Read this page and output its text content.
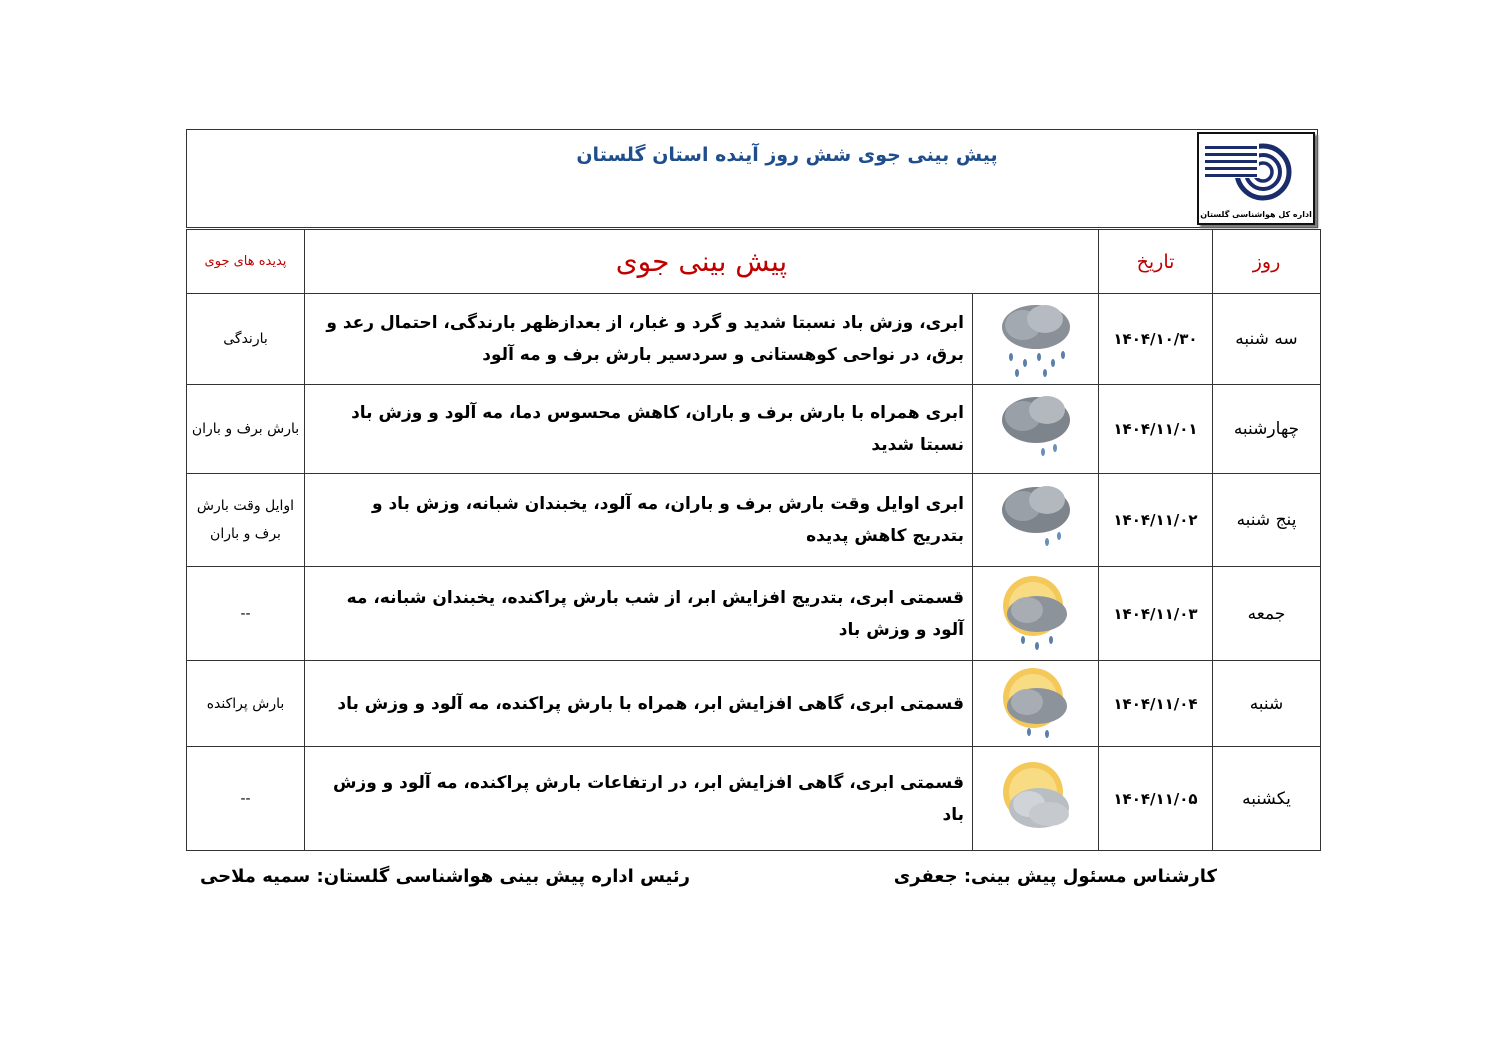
پیش بینی جوی شش روز آینده استان گلستان
اداره کل هواشناسی گلستان
روز	تاریخ	پیش بینی جوی		پدیده های جوی
سه شنبه	۱۴۰۴/۱۰/۳۰		ابری، وزش باد نسبتا شدید و گرد و غبار، از بعدازظهر بارندگی، احتمال رعد و برق، در نواحی کوهستانی و سردسیر بارش برف و مه آلود	بارندگی
چهارشنبه	۱۴۰۴/۱۱/۰۱		ابری همراه با بارش برف و باران، کاهش محسوس دما، مه آلود و وزش باد نسبتا شدید	بارش برف و باران
پنج شنبه	۱۴۰۴/۱۱/۰۲		ابری اوایل وقت بارش برف و باران، مه آلود، یخبندان شبانه، وزش باد و بتدریج کاهش پدیده	اوایل وقت بارش برف و باران
جمعه	۱۴۰۴/۱۱/۰۳		قسمتی ابری، بتدریج افزایش ابر، از شب بارش پراکنده، یخبندان شبانه، مه آلود و وزش باد	--
شنبه	۱۴۰۴/۱۱/۰۴		قسمتی ابری، گاهی افزایش ابر، همراه با بارش پراکنده، مه آلود و وزش باد	بارش پراکنده
یکشنبه	۱۴۰۴/۱۱/۰۵		قسمتی ابری، گاهی افزایش ابر، در ارتفاعات بارش پراکنده، مه آلود و وزش باد	--
کارشناس مسئول پیش بینی: جعفری
رئیس اداره پیش بینی هواشناسی گلستان: سمیه ملاحی
